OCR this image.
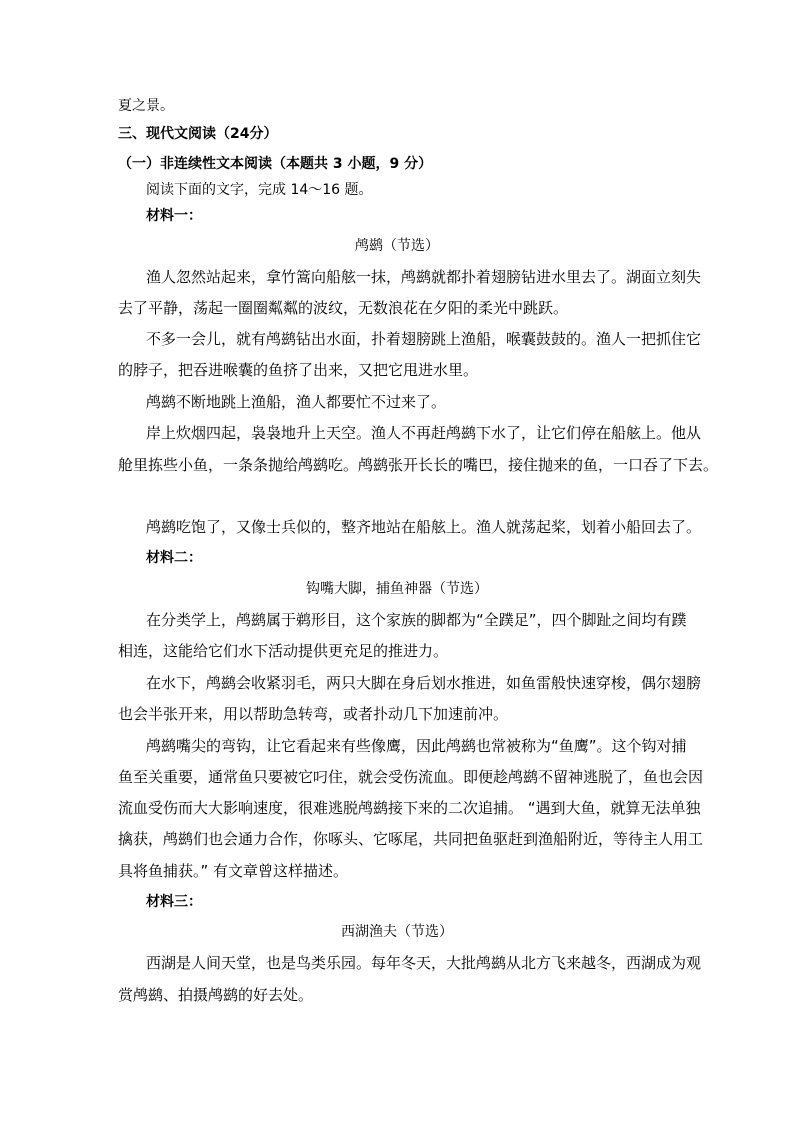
夏之景。
三、现代文阅读（24分）
（一）非连续性文本阅读（本题共 3 小题，9 分）
阅读下面的文字，完成 14～16 题。
材料一：
鸬鹚（节选）
渔人忽然站起来，拿竹篙向船舷一抹，鸬鹚就都扑着翅膀钻进水里去了。湖面立刻失
去了平静，荡起一圈圈粼粼的波纹，无数浪花在夕阳的柔光中跳跃。
不多一会儿，就有鸬鹚钻出水面，扑着翅膀跳上渔船，喉囊鼓鼓的。渔人一把抓住它
的脖子，把吞进喉囊的鱼挤了出来，又把它甩进水里。
鸬鹚不断地跳上渔船，渔人都要忙不过来了。
岸上炊烟四起，袅袅地升上天空。渔人不再赶鸬鹚下水了，让它们停在船舷上。他从
舱里拣些小鱼，一条条抛给鸬鹚吃。鸬鹚张开长长的嘴巴，接住抛来的鱼，一口吞了下去。
鸬鹚吃饱了，又像士兵似的，整齐地站在船舷上。渔人就荡起桨，划着小船回去了。
材料二：
钩嘴大脚，捕鱼神器（节选）
在分类学上，鸬鹚属于鹈形目，这个家族的脚都为“全蹼足”，四个脚趾之间均有蹼
相连，这能给它们水下活动提供更充足的推进力。
在水下，鸬鹚会收紧羽毛，两只大脚在身后划水推进，如鱼雷般快速穿梭，偶尔翅膀
也会半张开来，用以帮助急转弯，或者扑动几下加速前冲。
鸬鹚嘴尖的弯钩，让它看起来有些像鹰，因此鸬鹚也常被称为“鱼鹰”。这个钩对捕
鱼至关重要，通常鱼只要被它叼住，就会受伤流血。即便趁鸬鹚不留神逃脱了，鱼也会因
流血受伤而大大影响速度，很难逃脱鸬鹚接下来的二次追捕。 “遇到大鱼，就算无法单独
擒获，鸬鹚们也会通力合作，你啄头、它啄尾，共同把鱼驱赶到渔船附近，等待主人用工
具将鱼捕获。” 有文章曾这样描述。
材料三：
西湖渔夫（节选）
西湖是人间天堂，也是鸟类乐园。每年冬天，大批鸬鹚从北方飞来越冬，西湖成为观
赏鸬鹚、拍摄鸬鹚的好去处。
